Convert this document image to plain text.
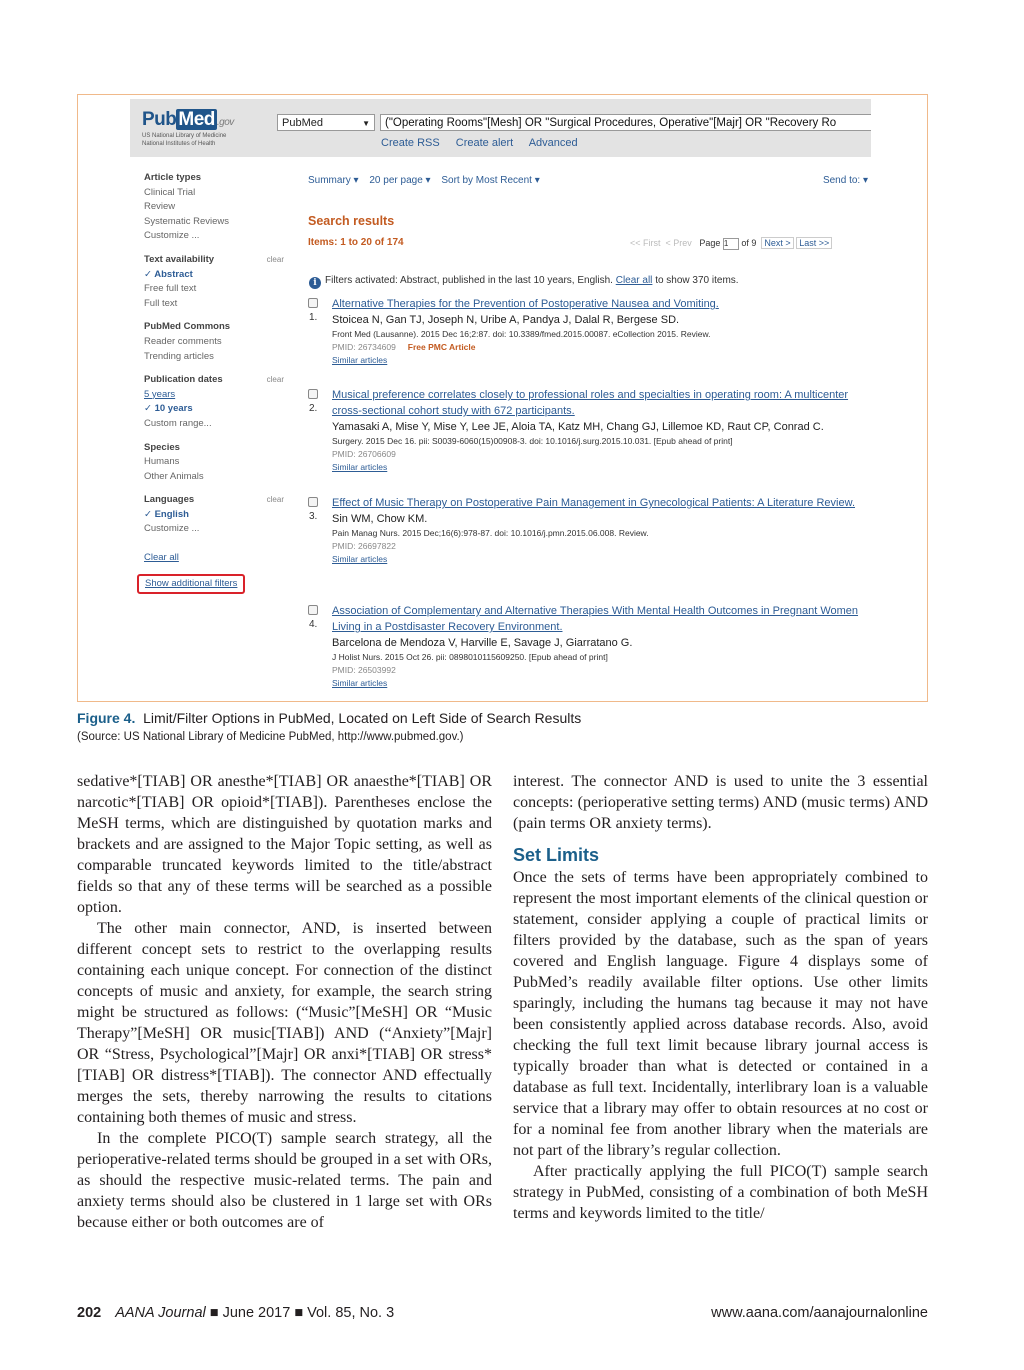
Pub Med .gov
US National Library of Medicine
National Institutes of Health
PubMed	▼	("Operating Rooms"[Mesh] OR "Surgical Procedures, Operative"[Majr] OR "Recovery Ro
Create RSS Create alert Advanced
Article types
Clinical Trial
Review
Systematic Reviews
Customize ...
Text availability	clear
✓ Abstract
Free full text
Full text
PubMed Commons
Reader comments
Trending articles
Publication dates	clear
5 years
✓ 10 years
Custom range...
Species
Humans
Other Animals
Languages	clear
✓ English
Customize ...
Clear all
Show additional filters
Summary ▾ 20 per page ▾ Sort by Most Recent ▾	Send to: ▾
Search results
Items: 1 to 20 of 174	<< First < Prev Page 1 of 9 Next > Last >>
i Filters activated: Abstract, published in the last 10 years, English. Clear all to show 370 items.
1.
Alternative Therapies for the Prevention of Postoperative Nausea and Vomiting.
Stoicea N, Gan TJ, Joseph N, Uribe A, Pandya J, Dalal R, Bergese SD.
Front Med (Lausanne). 2015 Dec 16;2:87. doi: 10.3389/fmed.2015.00087. eCollection 2015. Review.
PMID: 26734609 Free PMC Article
Similar articles
2.
Musical preference correlates closely to professional roles and specialties in operating room: A multicenter cross-sectional cohort study with 672 participants.
Yamasaki A, Mise Y, Mise Y, Lee JE, Aloia TA, Katz MH, Chang GJ, Lillemoe KD, Raut CP, Conrad C.
Surgery. 2015 Dec 16. pii: S0039-6060(15)00908-3. doi: 10.1016/j.surg.2015.10.031. [Epub ahead of print]
PMID: 26706609
Similar articles
3.
Effect of Music Therapy on Postoperative Pain Management in Gynecological Patients: A Literature Review.
Sin WM, Chow KM.
Pain Manag Nurs. 2015 Dec;16(6):978-87. doi: 10.1016/j.pmn.2015.06.008. Review.
PMID: 26697822
Similar articles
4.
Association of Complementary and Alternative Therapies With Mental Health Outcomes in Pregnant Women Living in a Postdisaster Recovery Environment.
Barcelona de Mendoza V, Harville E, Savage J, Giarratano G.
J Holist Nurs. 2015 Oct 26. pii: 0898010115609250. [Epub ahead of print]
PMID: 26503992
Similar articles
Figure 4. Limit/Filter Options in PubMed, Located on Left Side of Search Results
(Source: US National Library of Medicine PubMed, http://www.pubmed.gov.)

sedative*[TIAB] OR anesthe*[TIAB] OR anaesthe*[TIAB] OR narcotic*[TIAB] OR opioid*[TIAB]). Parentheses enclose the MeSH terms, which are distinguished by quotation marks and brackets and are assigned to the Major Topic setting, as well as comparable truncated keywords limited to the title/abstract fields so that any of these terms will be searched as a possible option.

The other main connector, AND, is inserted between different concept sets to restrict to the overlapping results containing each unique concept. For connection of the distinct concepts of music and anxiety, for example, the search string might be structured as follows: (“Music”[MeSH] OR “Music Therapy”[MeSH] OR music[TIAB]) AND (“Anxiety”[Majr] OR “Stress, Psychological”[Majr] OR anxi*[TIAB] OR stress*[TIAB] OR distress*[TIAB]). The connector AND effectually merges the sets, thereby narrowing the results to citations containing both themes of music and stress.

In the complete PICO(T) sample search strategy, all the perioperative-related terms should be grouped in a set with ORs, as should the respective music-related terms. The pain and anxiety terms should also be clustered in 1 large set with ORs because either or both outcomes are of

interest. The connector AND is used to unite the 3 essential concepts: (perioperative setting terms) AND (music terms) AND (pain terms OR anxiety terms).

Set Limits

Once the sets of terms have been appropriately combined to represent the most important elements of the clinical question or statement, consider applying a couple of practical limits or filters provided by the database, such as the span of years covered and English language. Figure 4 displays some of PubMed’s readily available filter options. Use other limits sparingly, including the humans tag because it may not have been consistently applied across database records. Also, avoid checking the full text limit because library journal access is typically broader than what is detected or contained in a database as full text. Incidentally, interlibrary loan is a valuable service that a library may offer to obtain resources at no cost or for a nominal fee from another library when the materials are not part of the library’s regular collection.

After practically applying the full PICO(T) sample search strategy in PubMed, consisting of a combination of both MeSH terms and keywords limited to the title/

202 AANA Journal ■ June 2017 ■ Vol. 85, No. 3	www.aana.com/aanajournalonline
